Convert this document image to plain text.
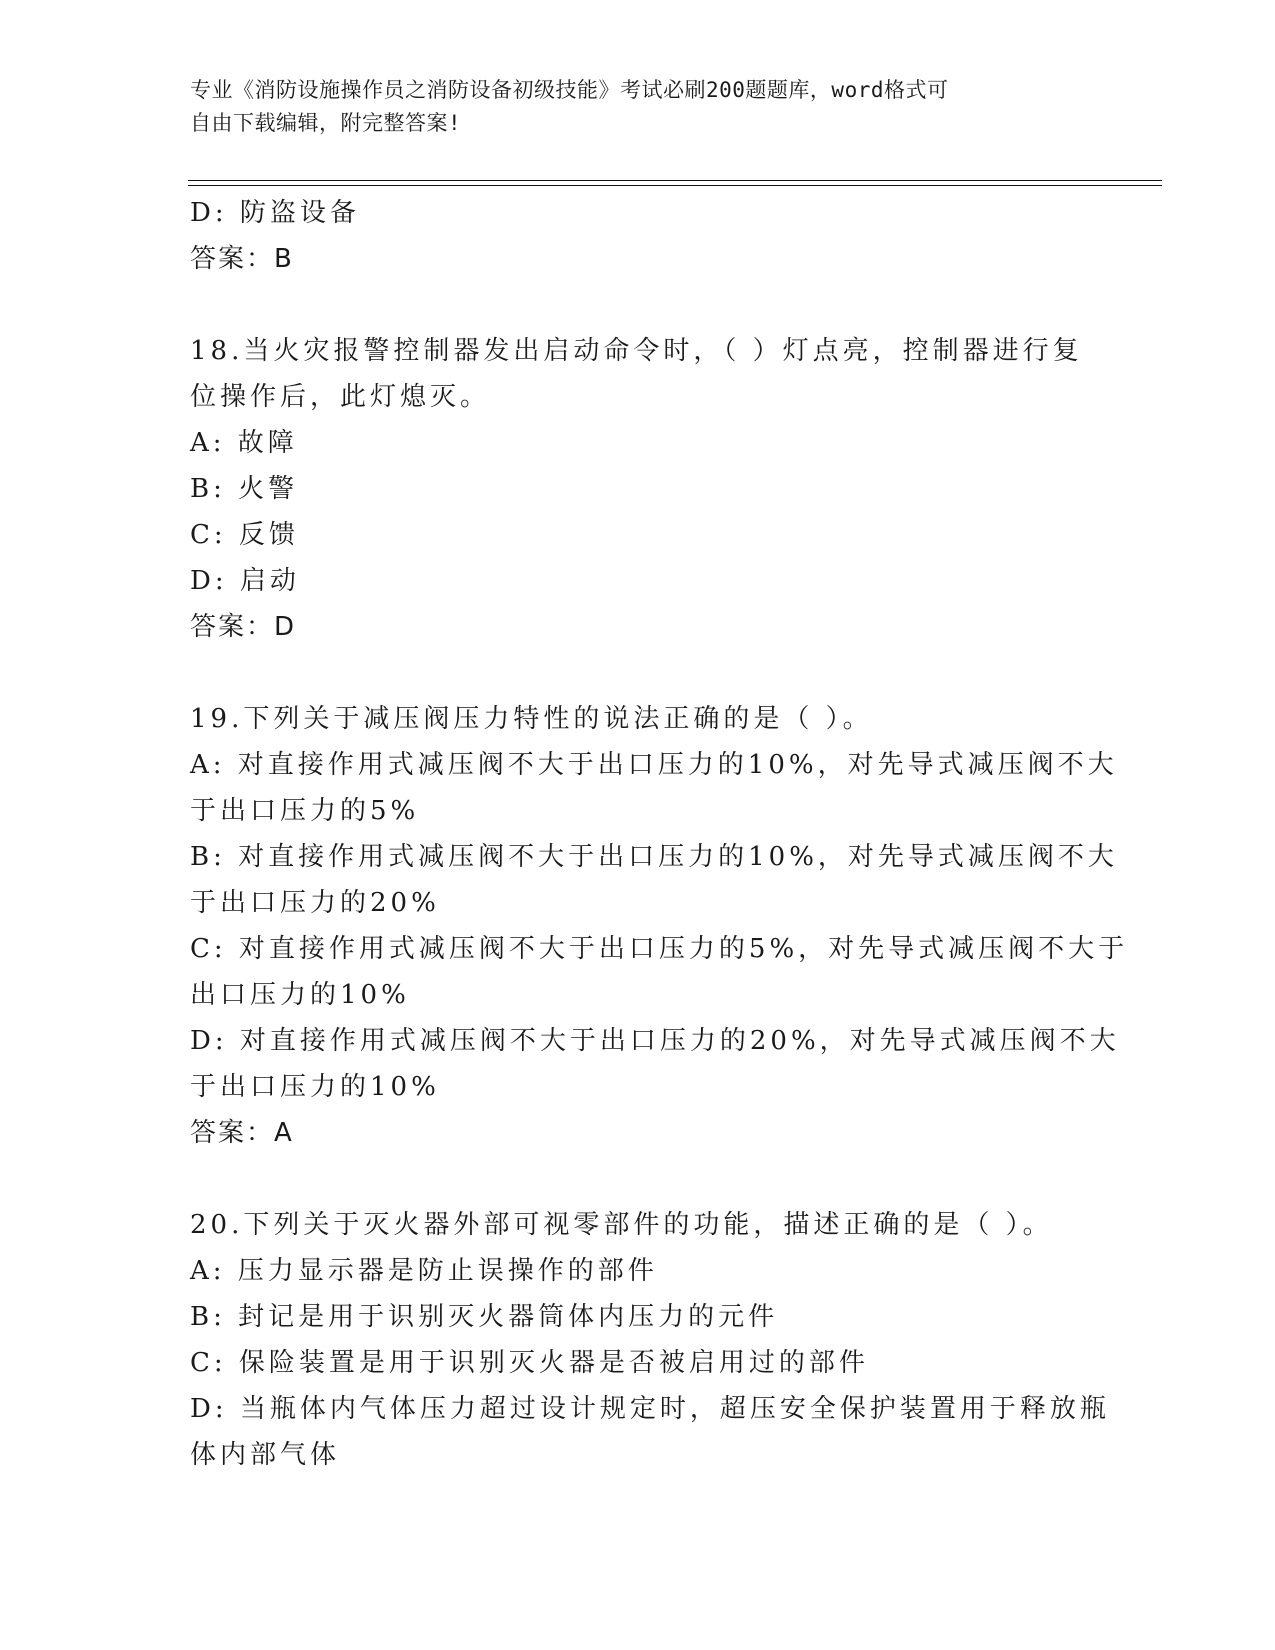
专业《消防设施操作员之消防设备初级技能》考试必刷200题题库，word格式可
自由下载编辑，附完整答案!
D: 防盗设备
答案：B
18.当火灾报警控制器发出启动命令时，（ ）灯点亮，控制器进行复
位操作后，此灯熄灭。
A: 故障
B: 火警
C: 反馈
D: 启动
答案：D
19.下列关于减压阀压力特性的说法正确的是（ ）。
A: 对直接作用式减压阀不大于出口压力的10%，对先导式减压阀不大
于出口压力的5%
B: 对直接作用式减压阀不大于出口压力的10%，对先导式减压阀不大
于出口压力的20%
C: 对直接作用式减压阀不大于出口压力的5%，对先导式减压阀不大于
出口压力的10%
D: 对直接作用式减压阀不大于出口压力的20%，对先导式减压阀不大
于出口压力的10%
答案：A
20.下列关于灭火器外部可视零部件的功能，描述正确的是（ ）。
A: 压力显示器是防止误操作的部件
B: 封记是用于识别灭火器筒体内压力的元件
C: 保险装置是用于识别灭火器是否被启用过的部件
D: 当瓶体内气体压力超过设计规定时，超压安全保护装置用于释放瓶
体内部气体
